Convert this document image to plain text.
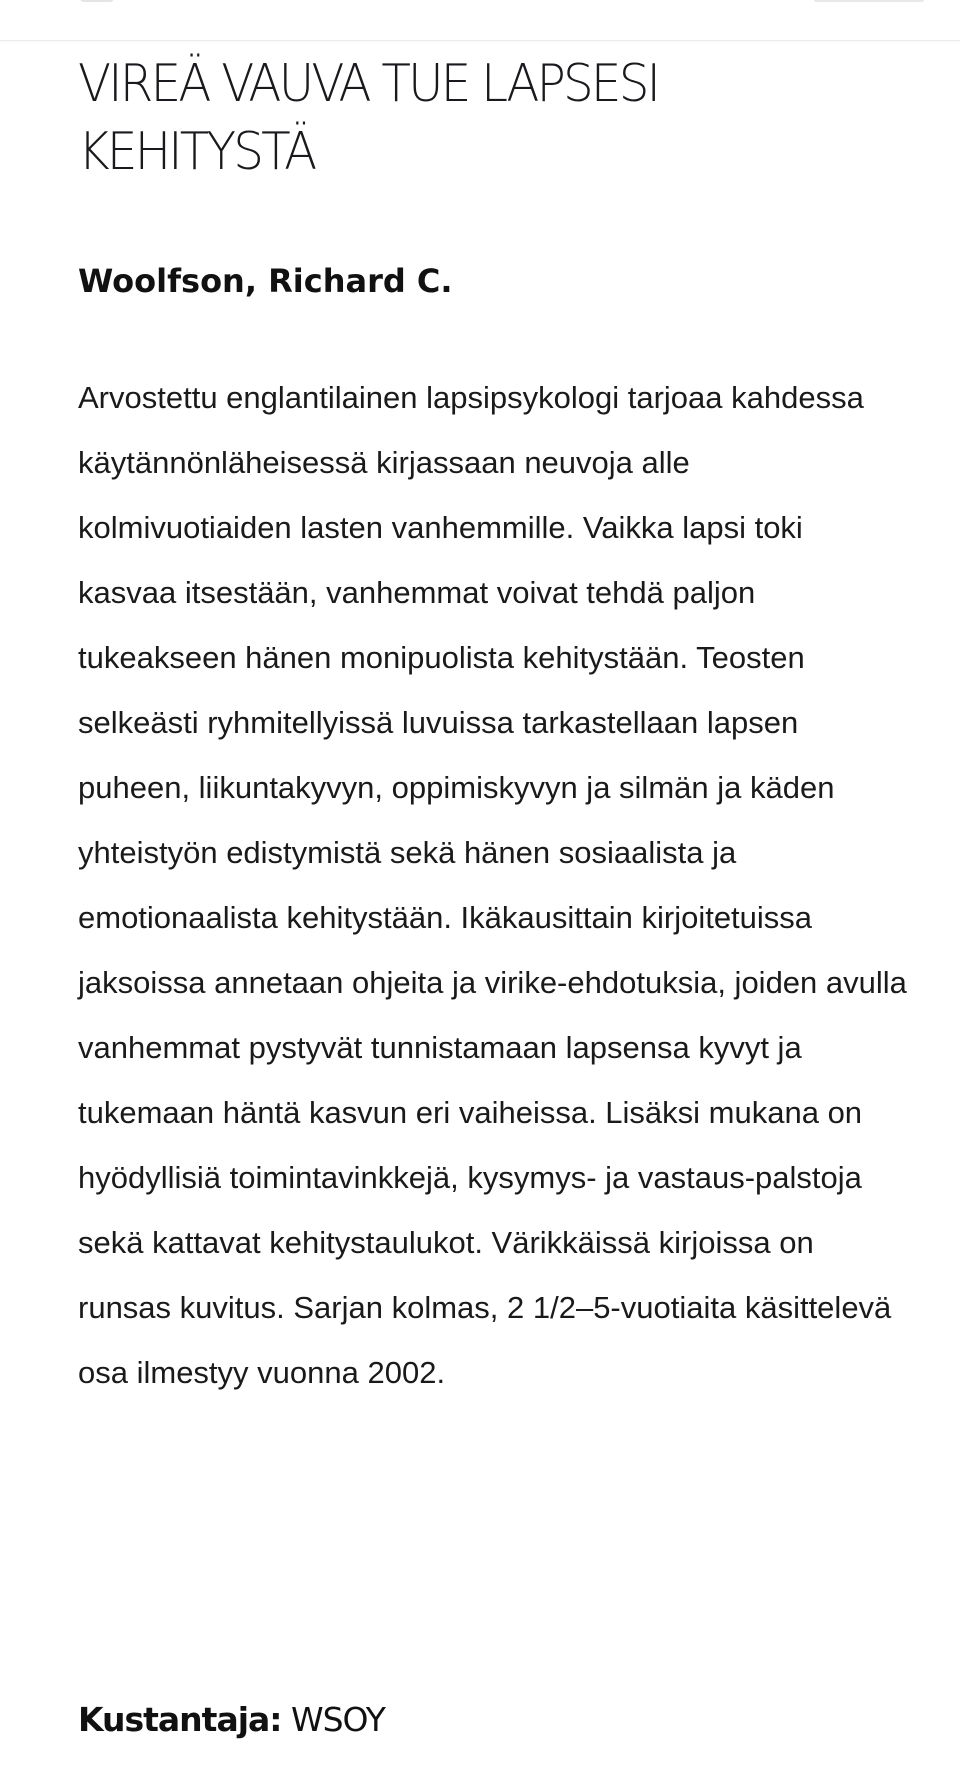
VIREÄ VAUVA TUE LAPSESI KEHITYSTÄ

Woolfson, Richard C.

Arvostettu englantilainen lapsipsykologi tarjoaa kahdessa käytännönläheisessä kirjassaan neuvoja alle kolmivuotiaiden lasten vanhemmille. Vaikka lapsi toki kasvaa itsestään, vanhemmat voivat tehdä paljon tukeakseen hänen monipuolista kehitystään. Teosten selkeästi ryhmitellyissä luvuissa tarkastellaan lapsen puheen, liikuntakyvyn, oppimiskyvyn ja silmän ja käden yhteistyön edistymistä sekä hänen sosiaalista ja emotionaalista kehitystään. Ikäkausittain kirjoitetuissa jaksoissa annetaan ohjeita ja virike-ehdotuksia, joiden avulla vanhemmat pystyvät tunnistamaan lapsensa kyvyt ja tukemaan häntä kasvun eri vaiheissa. Lisäksi mukana on hyödyllisiä toimintavinkkejä, kysymys- ja vastaus-palstoja sekä kattavat kehitystaulukot. Värikkäissä kirjoissa on runsas kuvitus. Sarjan kolmas, 2 1/2–5-vuotiaita käsittelevä osa ilmestyy vuonna 2002.

Kustantaja: WSOY
